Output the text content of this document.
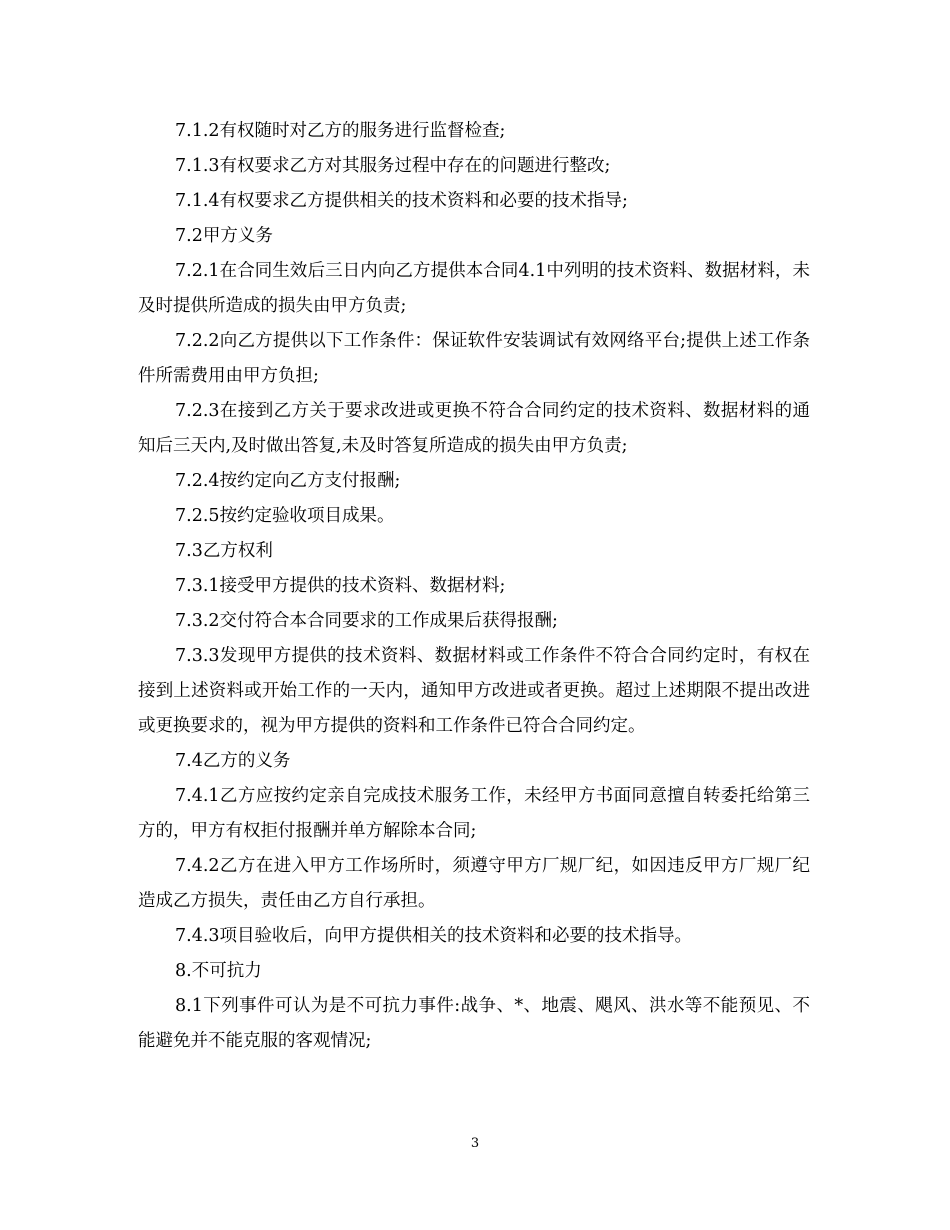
7.1.2有权随时对乙方的服务进行监督检查;

7.1.3有权要求乙方对其服务过程中存在的问题进行整改;

7.1.4有权要求乙方提供相关的技术资料和必要的技术指导;

7.2甲方义务

7.2.1在合同生效后三日内向乙方提供本合同4.1中列明的技术资料、数据材料，未及时提供所造成的损失由甲方负责;

7.2.2向乙方提供以下工作条件：保证软件安装调试有效网络平台;提供上述工作条件所需费用由甲方负担;

7.2.3在接到乙方关于要求改进或更换不符合合同约定的技术资料、数据材料的通知后三天内,及时做出答复,未及时答复所造成的损失由甲方负责;

7.2.4按约定向乙方支付报酬;

7.2.5按约定验收项目成果。

7.3乙方权利

7.3.1接受甲方提供的技术资料、数据材料;

7.3.2交付符合本合同要求的工作成果后获得报酬;

7.3.3发现甲方提供的技术资料、数据材料或工作条件不符合合同约定时，有权在接到上述资料或开始工作的一天内，通知甲方改进或者更换。超过上述期限不提出改进或更换要求的，视为甲方提供的资料和工作条件已符合合同约定。

7.4乙方的义务

7.4.1乙方应按约定亲自完成技术服务工作，未经甲方书面同意擅自转委托给第三方的，甲方有权拒付报酬并单方解除本合同;

7.4.2乙方在进入甲方工作场所时，须遵守甲方厂规厂纪，如因违反甲方厂规厂纪造成乙方损失，责任由乙方自行承担。

7.4.3项目验收后，向甲方提供相关的技术资料和必要的技术指导。

8.不可抗力

8.1下列事件可认为是不可抗力事件:战争、*、地震、飓风、洪水等不能预见、不能避免并不能克服的客观情况;

3
